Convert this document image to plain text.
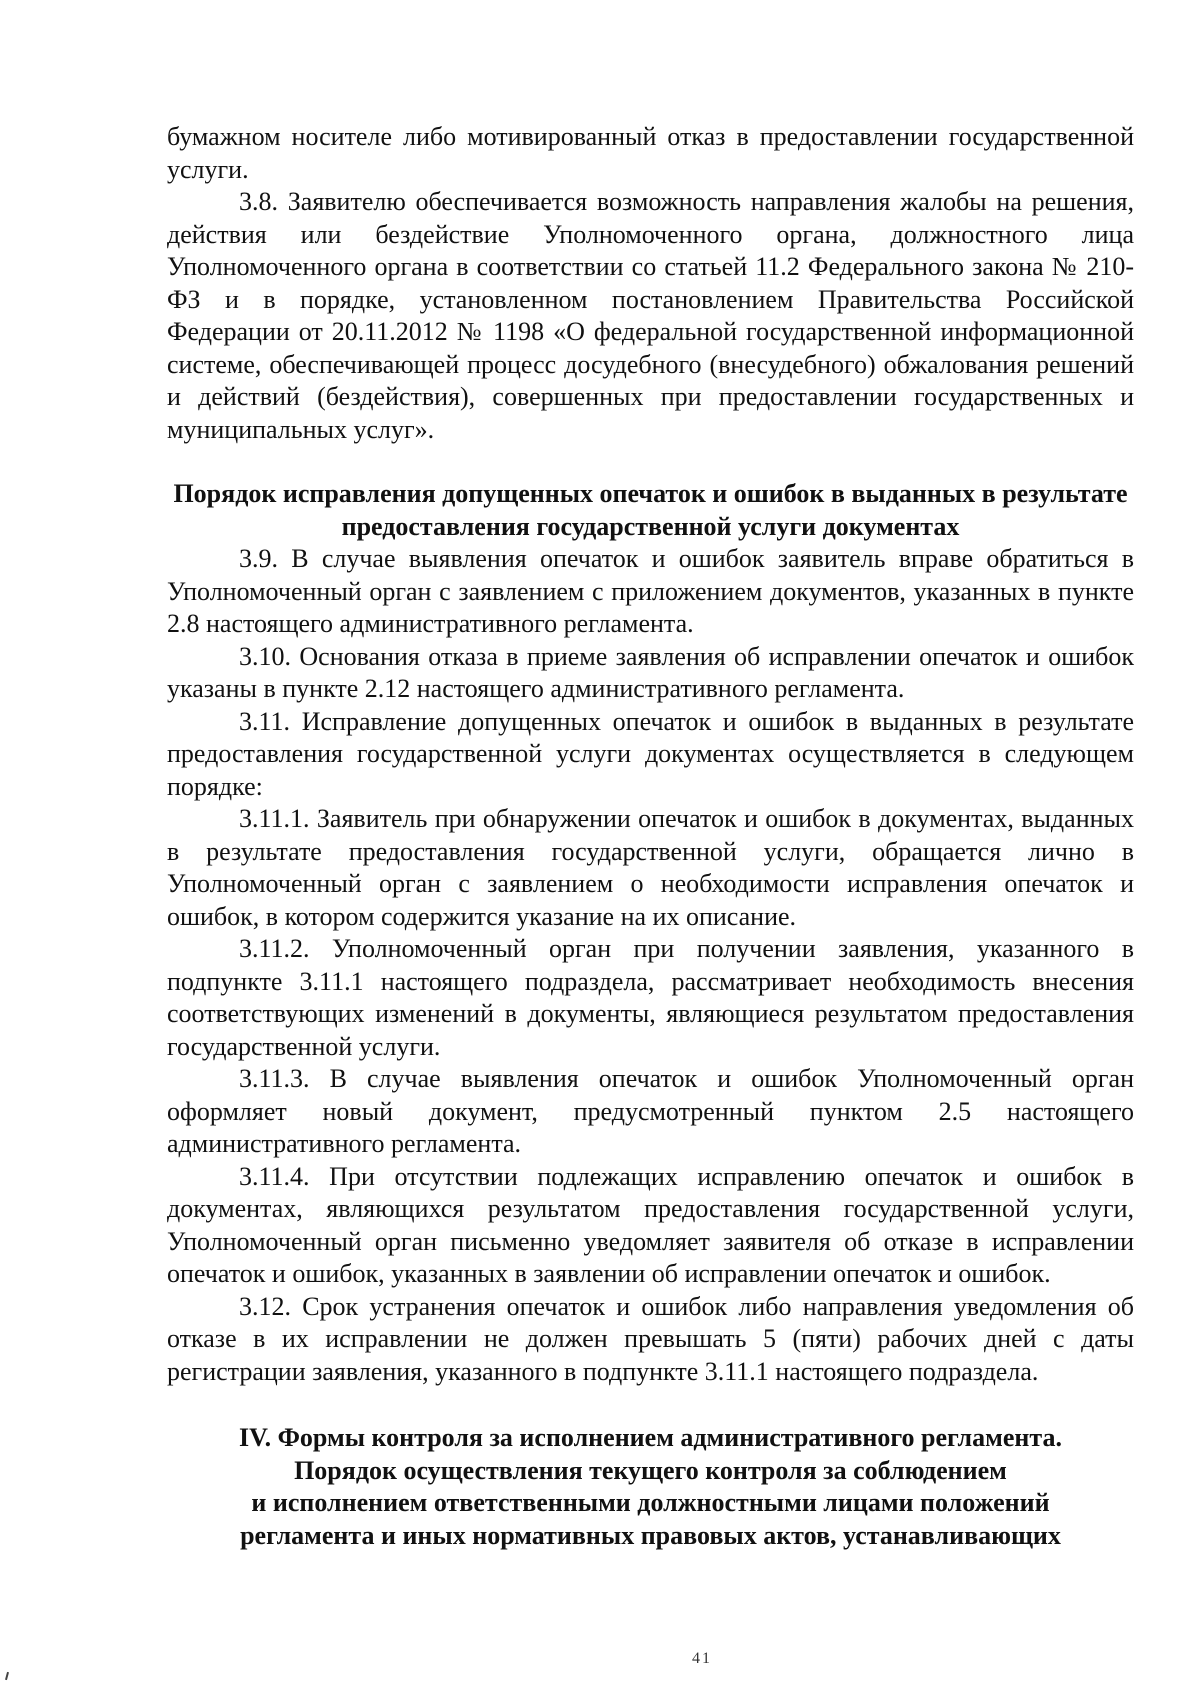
бумажном носителе либо мотивированный отказ в предоставлении государственной услуги.

3.8. Заявителю обеспечивается возможность направления жалобы на решения, действия или бездействие Уполномоченного органа, должностного лица Уполномоченного органа в соответствии со статьей 11.2 Федерального закона № 210-ФЗ и в порядке, установленном постановлением Правительства Российской Федерации от 20.11.2012 № 1198 «О федеральной государственной информационной системе, обеспечивающей процесс досудебного (внесудебного) обжалования решений и действий (бездействия), совершенных при предоставлении государственных и муниципальных услуг».

Порядок исправления допущенных опечаток и ошибок в выданных в результате предоставления государственной услуги документах

3.9. В случае выявления опечаток и ошибок заявитель вправе обратиться в Уполномоченный орган с заявлением с приложением документов, указанных в пункте 2.8 настоящего административного регламента.

3.10. Основания отказа в приеме заявления об исправлении опечаток и ошибок указаны в пункте 2.12 настоящего административного регламента.

3.11. Исправление допущенных опечаток и ошибок в выданных в результате предоставления государственной услуги документах осуществляется в следующем порядке:

3.11.1. Заявитель при обнаружении опечаток и ошибок в документах, выданных в результате предоставления государственной услуги, обращается лично в Уполномоченный орган с заявлением о необходимости исправления опечаток и ошибок, в котором содержится указание на их описание.

3.11.2. Уполномоченный орган при получении заявления, указанного в подпункте 3.11.1 настоящего подраздела, рассматривает необходимость внесения соответствующих изменений в документы, являющиеся результатом предоставления государственной услуги.

3.11.3. В случае выявления опечаток и ошибок Уполномоченный орган оформляет новый документ, предусмотренный пунктом 2.5 настоящего административного регламента.

3.11.4. При отсутствии подлежащих исправлению опечаток и ошибок в документах, являющихся результатом предоставления государственной услуги, Уполномоченный орган письменно уведомляет заявителя об отказе в исправлении опечаток и ошибок, указанных в заявлении об исправлении опечаток и ошибок.

3.12. Срок устранения опечаток и ошибок либо направления уведомления об отказе в их исправлении не должен превышать 5 (пяти) рабочих дней с даты регистрации заявления, указанного в подпункте 3.11.1 настоящего подраздела.

IV. Формы контроля за исполнением административного регламента.
Порядок осуществления текущего контроля за соблюдением
и исполнением ответственными должностными лицами положений
регламента и иных нормативных правовых актов, устанавливающих
41
